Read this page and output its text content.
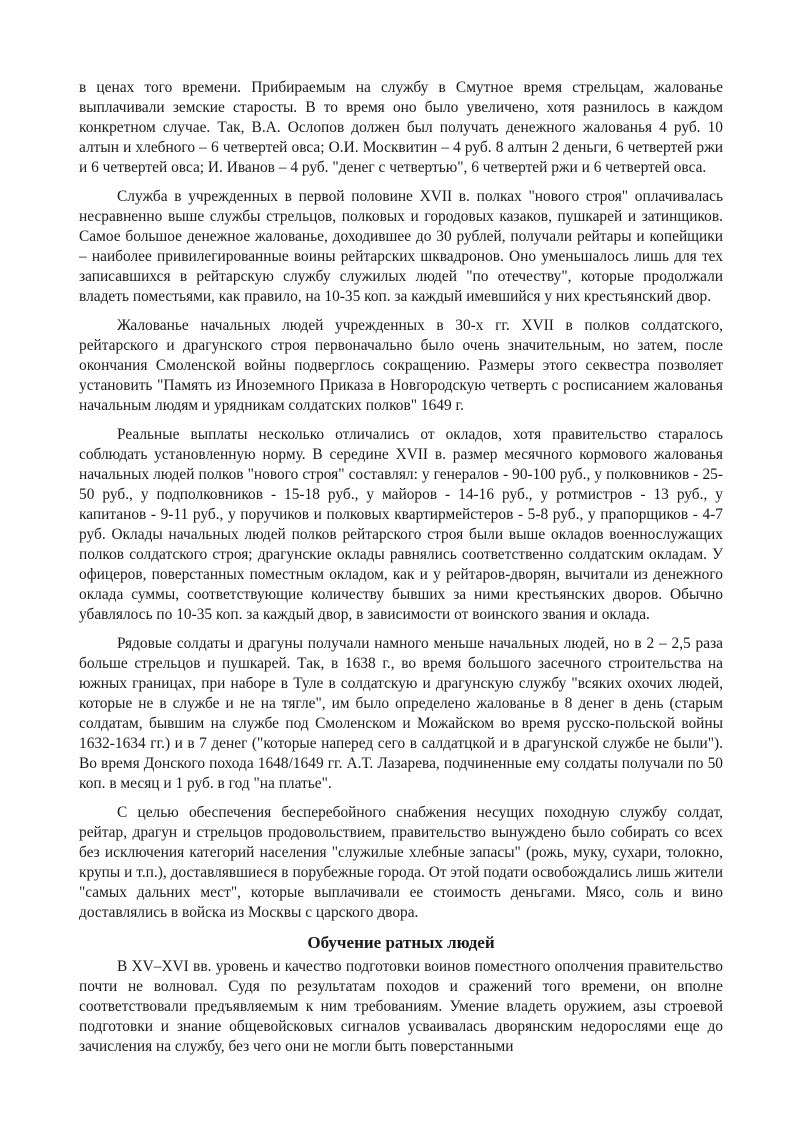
в ценах того времени. Прибираемым на службу в Смутное время стрельцам, жалованье выплачивали земские старосты. В то время оно было увеличено, хотя разнилось в каждом конкретном случае. Так, В.А. Ослопов должен был получать денежного жалованья 4 руб. 10 алтын и хлебного – 6 четвертей овса; О.И. Москвитин – 4 руб. 8 алтын 2 деньги, 6 четвертей ржи и 6 четвертей овса; И. Иванов – 4 руб. "денег с четвертью", 6 четвертей ржи и 6 четвертей овса.

Служба в учрежденных в первой половине XVII в. полках "нового строя" оплачивалась несравненно выше службы стрельцов, полковых и городовых казаков, пушкарей и затинщиков. Самое большое денежное жалованье, доходившее до 30 рублей, получали рейтары и копейщики – наиболее привилегированные воины рейтарских шквадронов. Оно уменьшалось лишь для тех записавшихся в рейтарскую службу служилых людей "по отечеству", которые продолжали владеть поместьями, как правило, на 10-35 коп. за каждый имевшийся у них крестьянский двор.

Жалованье начальных людей учрежденных в 30-х гг. XVII в полков солдатского, рейтарского и драгунского строя первоначально было очень значительным, но затем, после окончания Смоленской войны подверглось сокращению. Размеры этого секвестра позволяет установить "Память из Иноземного Приказа в Новгородскую четверть с росписанием жалованья начальным людям и урядникам солдатских полков" 1649 г.

Реальные выплаты несколько отличались от окладов, хотя правительство старалось соблюдать установленную норму. В середине XVII в. размер месячного кормового жалованья начальных людей полков "нового строя" составлял: у генералов - 90-100 руб., у полковников - 25-50 руб., у подполковников - 15-18 руб., у майоров - 14-16 руб., у ротмистров - 13 руб., у капитанов - 9-11 руб., у поручиков и полковых квартирмейстеров - 5-8 руб., у прапорщиков - 4-7 руб. Оклады начальных людей полков рейтарского строя были выше окладов военнослужащих полков солдатского строя; драгунские оклады равнялись соответственно солдатским окладам. У офицеров, поверстанных поместным окладом, как и у рейтаров-дворян, вычитали из денежного оклада суммы, соответствующие количеству бывших за ними крестьянских дворов. Обычно убавлялось по 10-35 коп. за каждый двор, в зависимости от воинского звания и оклада.

Рядовые солдаты и драгуны получали намного меньше начальных людей, но в 2 – 2,5 раза больше стрельцов и пушкарей. Так, в 1638 г., во время большого засечного строительства на южных границах, при наборе в Туле в солдатскую и драгунскую службу "всяких охочих людей, которые не в службе и не на тягле", им было определено жалованье в 8 денег в день (старым солдатам, бывшим на службе под Смоленском и Можайском во время русско-польской войны 1632-1634 гг.) и в 7 денег ("которые наперед сего в салдатцкой и в драгунской службе не были"). Во время Донского похода 1648/1649 гг. А.Т. Лазарева, подчиненные ему солдаты получали по 50 коп. в месяц и 1 руб. в год "на платье".

С целью обеспечения бесперебойного снабжения несущих походную службу солдат, рейтар, драгун и стрельцов продовольствием, правительство вынуждено было собирать со всех без исключения категорий населения "служилые хлебные запасы" (рожь, муку, сухари, толокно, крупы и т.п.), доставлявшиеся в порубежные города. От этой подати освобождались лишь жители "самых дальних мест", которые выплачивали ее стоимость деньгами. Мясо, соль и вино доставлялись в войска из Москвы с царского двора.

Обучение ратных людей

В XV–XVI вв. уровень и качество подготовки воинов поместного ополчения правительство почти не волновал. Судя по результатам походов и сражений того времени, он вполне соответствовали предъявляемым к ним требованиям. Умение владеть оружием, азы строевой подготовки и знание общевойсковых сигналов усваивалась дворянским недорослями еще до зачисления на службу, без чего они не могли быть поверстанными
